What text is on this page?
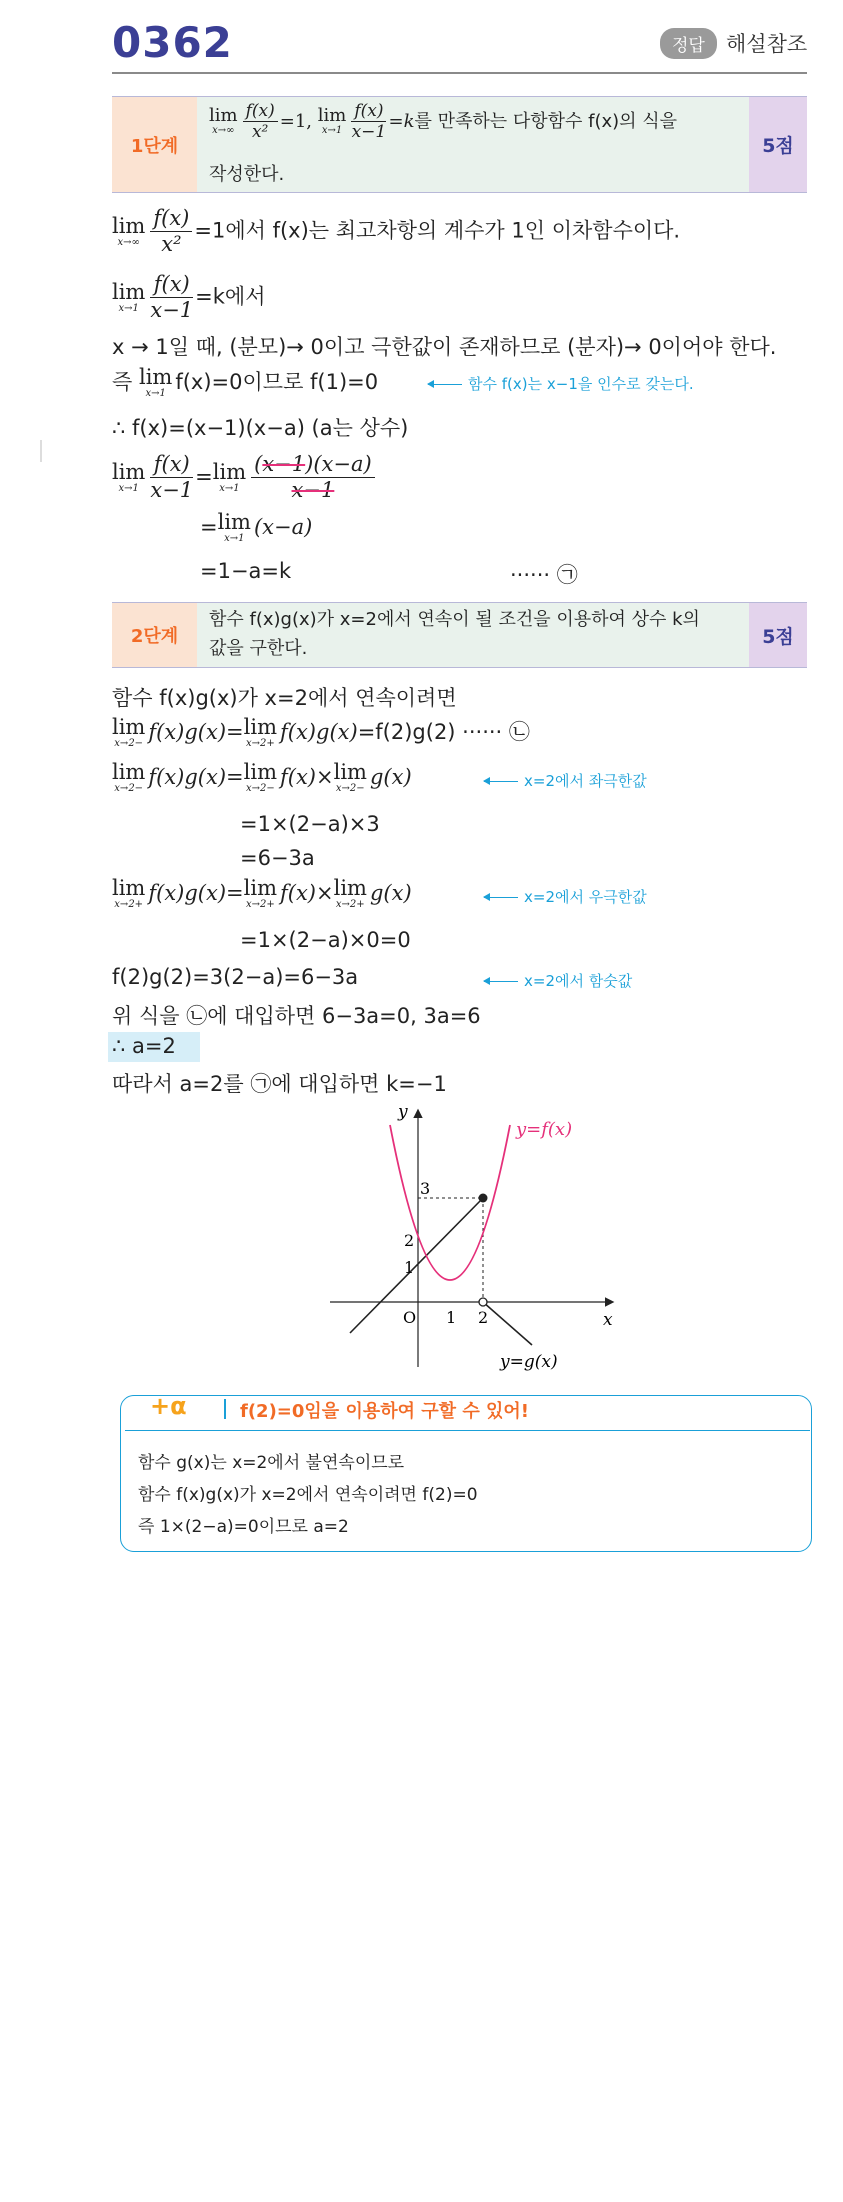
0362	정답	해설참조
1단계
lim
$x\to\infty \frac{f(x)}{\text{x²}} =1$, lim
$x\to 1 \frac{f(x)}{x-1} =k$를 만족하는 다항함수 f(x)의 식을
작성한다.
5점
lim
$x\to\infty \frac{f(x)}{\text{x²}} =1$에서 f(x)는 최고차항의 계수가 1인 이차함수이다.
lim
$x\to 1 \frac{f(x)}{x-1} =k$에서
x → 1일 때, (분모)→ 0이고 극한값이 존재하므로 (분자)→ 0이어야 한다.
즉 lim
x→1 f(x)=0이므로 f(1)=0	함수 f(x)는 x−1을 인수로 갖는다.
∴ f(x)=(x−1)(x−a) (a는 상수)
lim
$x\to 1 \frac{f(x)}{x-1} = \lim$
$x\to 1 \frac{(x-1)(x-a)}{x-1}$
= lim
x→1 (x−a)
=1−a=k	······ ㉠
2단계
함수 f(x)g(x)가 x=2에서 연속이 될 조건을 이용하여 상수 k의
값을 구한다.
5점
함수 f(x)g(x)가 x=2에서 연속이려면
lim
x→2− f(x)g(x)= lim
x→2+ f(x)g(x)=f(2)g(2) ······ ㉡
lim
x→2− f(x)g(x)= lim
x→2− f(x)× lim
x→2− g(x)	x=2에서 좌극한값
=1×(2−a)×3
=6−3a
lim
x→2+ f(x)g(x)= lim
x→2+ f(x)× lim
x→2+ g(x)	x=2에서 우극한값
=1×(2−a)×0=0
f(2)g(2)=3(2−a)=6−3a	x=2에서 함숫값
위 식을 ㉡에 대입하면 6−3a=0, 3a=6
∴ a=2
따라서 a=2를 ㉠에 대입하면 k=−1
y
x
O 1 2
1
2
3
y=f(x)
y=g(x)
+α	f(2)=0임을 이용하여 구할 수 있어!
함수 g(x)는 x=2에서 불연속이므로
함수 f(x)g(x)가 x=2에서 연속이려면 f(2)=0
즉 1×(2−a)=0이므로 a=2
